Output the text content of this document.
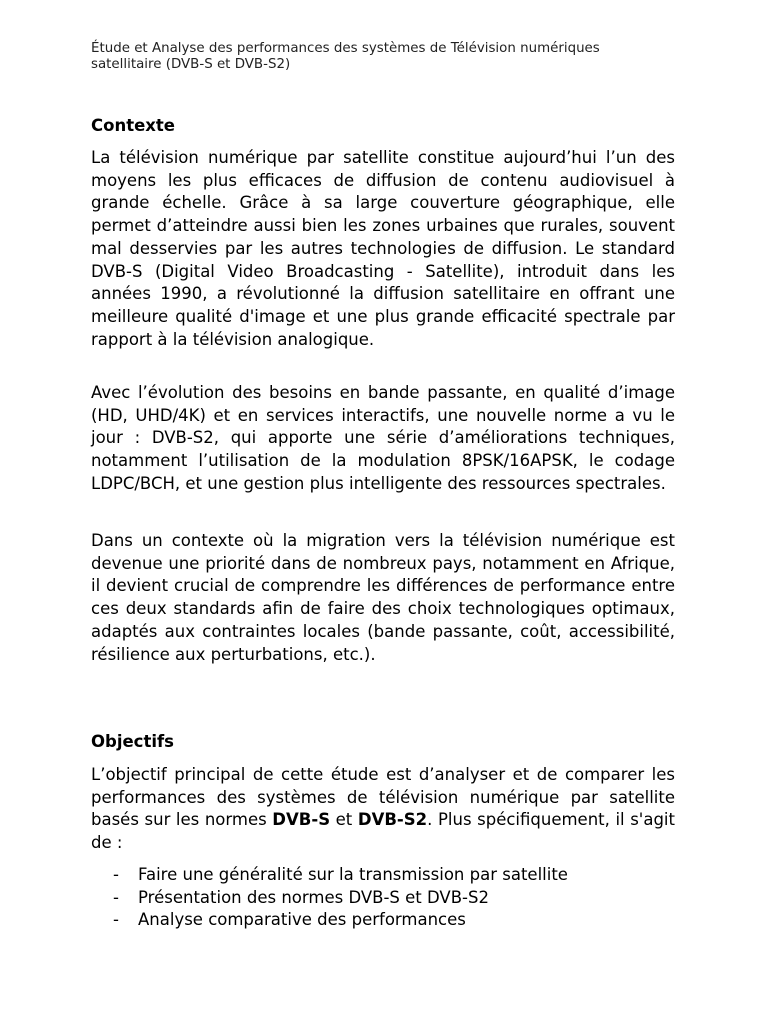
Étude et Analyse des performances des systèmes de Télévision numériques satellitaire (DVB-S et DVB-S2)
Contexte

La télévision numérique par satellite constitue aujourd’hui l’un des moyens les plus efficaces de diffusion de contenu audiovisuel à grande échelle. Grâce à sa large couverture géographique, elle permet d’atteindre aussi bien les zones urbaines que rurales, souvent mal desservies par les autres technologies de diffusion. Le standard DVB-S (Digital Video Broadcasting - Satellite), introduit dans les années 1990, a révolutionné la diffusion satellitaire en offrant une meilleure qualité d'image et une plus grande efficacité spectrale par rapport à la télévision analogique.

Avec l’évolution des besoins en bande passante, en qualité d’image (HD, UHD/4K) et en services interactifs, une nouvelle norme a vu le jour : DVB-S2, qui apporte une série d’améliorations techniques, notamment l’utilisation de la modulation 8PSK/16APSK, le codage LDPC/BCH, et une gestion plus intelligente des ressources spectrales.

Dans un contexte où la migration vers la télévision numérique est devenue une priorité dans de nombreux pays, notamment en Afrique, il devient crucial de comprendre les différences de performance entre ces deux standards afin de faire des choix technologiques optimaux, adaptés aux contraintes locales (bande passante, coût, accessibilité, résilience aux perturbations, etc.).

Objectifs

L’objectif principal de cette étude est d’analyser et de comparer les performances des systèmes de télévision numérique par satellite basés sur les normes DVB-S et DVB-S2. Plus spécifiquement, il s'agit de :

- Faire une généralité sur la transmission par satellite
- Présentation des normes DVB-S et DVB-S2
- Analyse comparative des performances
